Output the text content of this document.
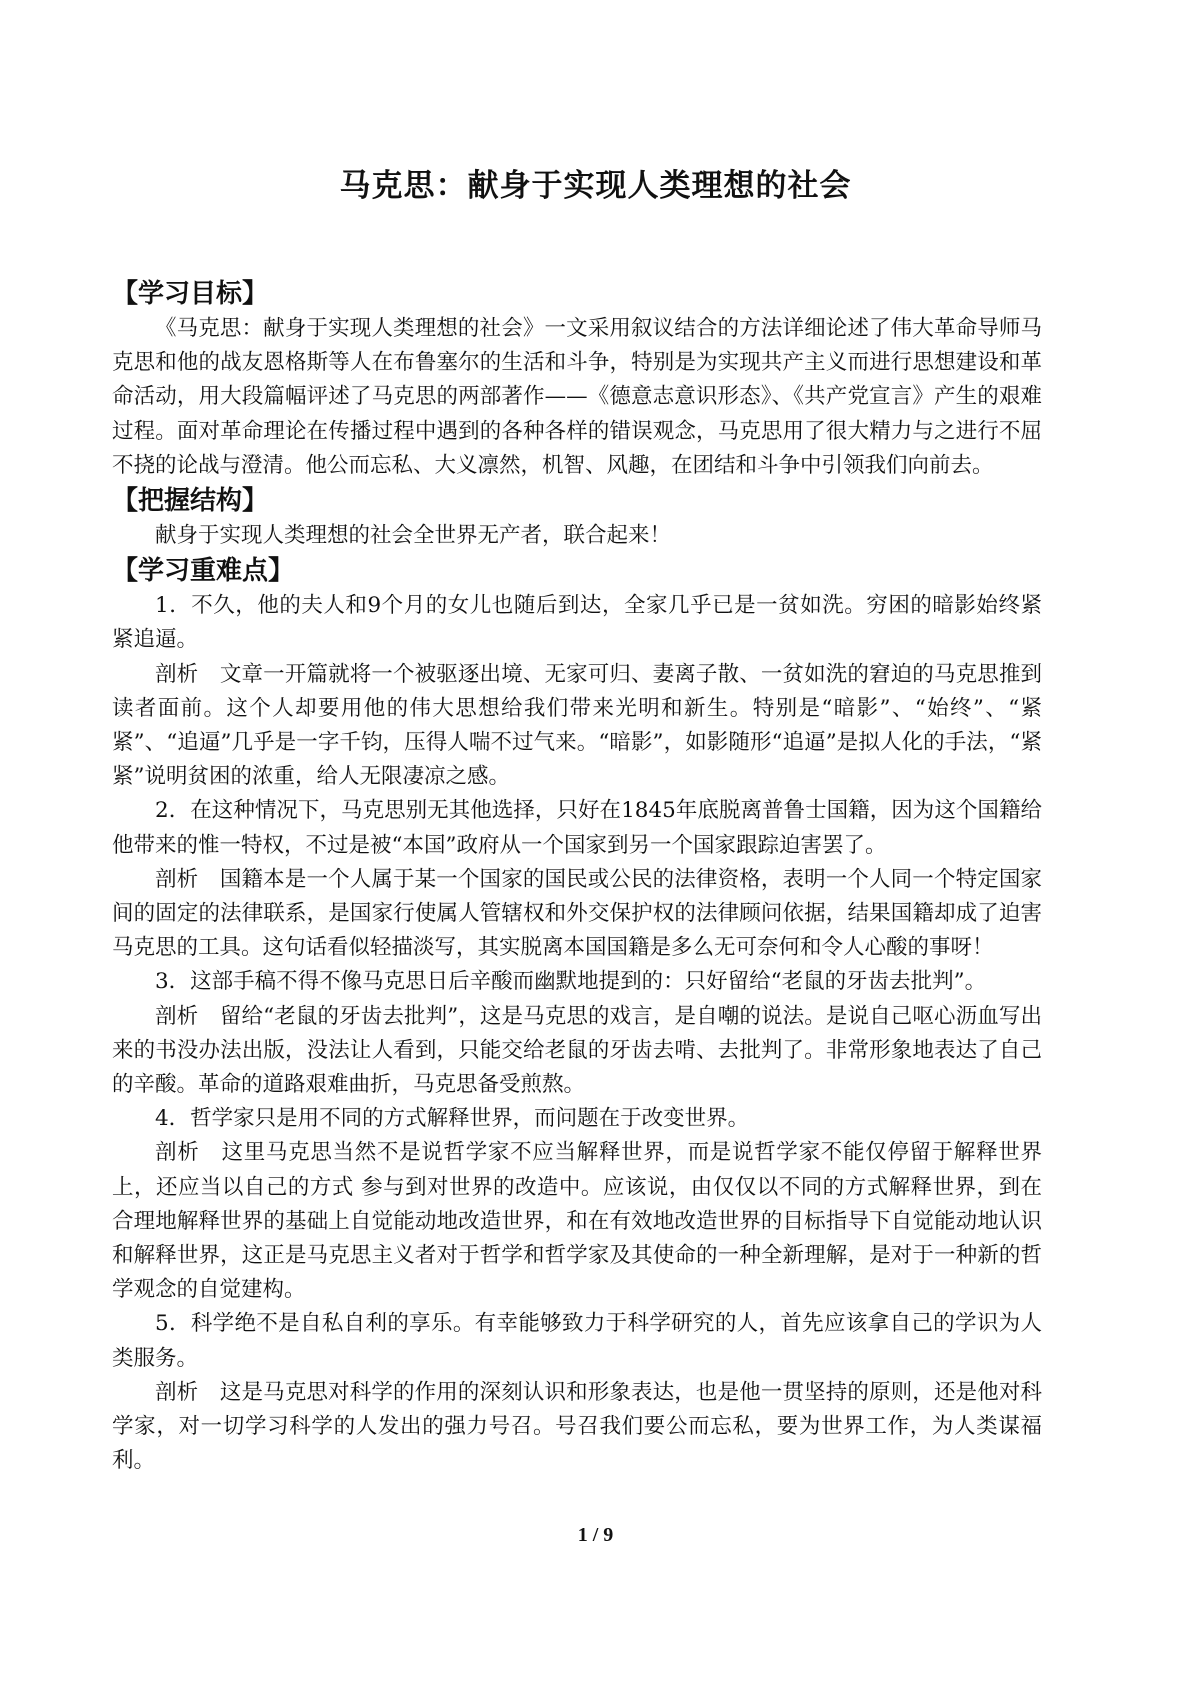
马克思：献身于实现人类理想的社会
【学习目标】

《马克思：献身于实现人类理想的社会》一文采用叙议结合的方法详细论述了伟大革命导师马克思和他的战友恩格斯等人在布鲁塞尔的生活和斗争，特别是为实现共产主义而进行思想建设和革命活动，用大段篇幅评述了马克思的两部著作——《德意志意识形态》、《共产党宣言》产生的艰难过程。面对革命理论在传播过程中遇到的各种各样的错误观念，马克思用了很大精力与之进行不屈不挠的论战与澄清。他公而忘私、大义凛然，机智、风趣，在团结和斗争中引领我们向前去。

【把握结构】

献身于实现人类理想的社会全世界无产者，联合起来！

【学习重难点】

1．不久，他的夫人和9个月的女儿也随后到达，全家几乎已是一贫如洗。穷困的暗影始终紧紧追逼。

剖析　文章一开篇就将一个被驱逐出境、无家可归、妻离子散、一贫如洗的窘迫的马克思推到读者面前。这个人却要用他的伟大思想给我们带来光明和新生。特别是“暗影”、“始终”、“紧紧”、“追逼”几乎是一字千钧，压得人喘不过气来。“暗影”，如影随形“追逼”是拟人化的手法，“紧紧”说明贫困的浓重，给人无限凄凉之感。

2．在这种情况下，马克思别无其他选择，只好在1845年底脱离普鲁士国籍，因为这个国籍给他带来的惟一特权，不过是被“本国”政府从一个国家到另一个国家跟踪迫害罢了。

剖析　国籍本是一个人属于某一个国家的国民或公民的法律资格，表明一个人同一个特定国家间的固定的法律联系，是国家行使属人管辖权和外交保护权的法律顾问依据，结果国籍却成了迫害马克思的工具。这句话看似轻描淡写，其实脱离本国国籍是多么无可奈何和令人心酸的事呀！

3．这部手稿不得不像马克思日后辛酸而幽默地提到的：只好留给“老鼠的牙齿去批判”。

剖析　留给“老鼠的牙齿去批判”，这是马克思的戏言，是自嘲的说法。是说自己呕心沥血写出来的书没办法出版，没法让人看到，只能交给老鼠的牙齿去啃、去批判了。非常形象地表达了自己的辛酸。革命的道路艰难曲折，马克思备受煎熬。

4．哲学家只是用不同的方式解释世界，而问题在于改变世界。

剖析　这里马克思当然不是说哲学家不应当解释世界，而是说哲学家不能仅停留于解释世界上，还应当以自己的方式 参与到对世界的改造中。应该说，由仅仅以不同的方式解释世界，到在合理地解释世界的基础上自觉能动地改造世界，和在有效地改造世界的目标指导下自觉能动地认识和解释世界，这正是马克思主义者对于哲学和哲学家及其使命的一种全新理解，是对于一种新的哲学观念的自觉建构。

5．科学绝不是自私自利的享乐。有幸能够致力于科学研究的人，首先应该拿自己的学识为人类服务。

剖析　这是马克思对科学的作用的深刻认识和形象表达，也是他一贯坚持的原则，还是他对科学家，对一切学习科学的人发出的强力号召。号召我们要公而忘私，要为世界工作，为人类谋福利。

1 / 9
